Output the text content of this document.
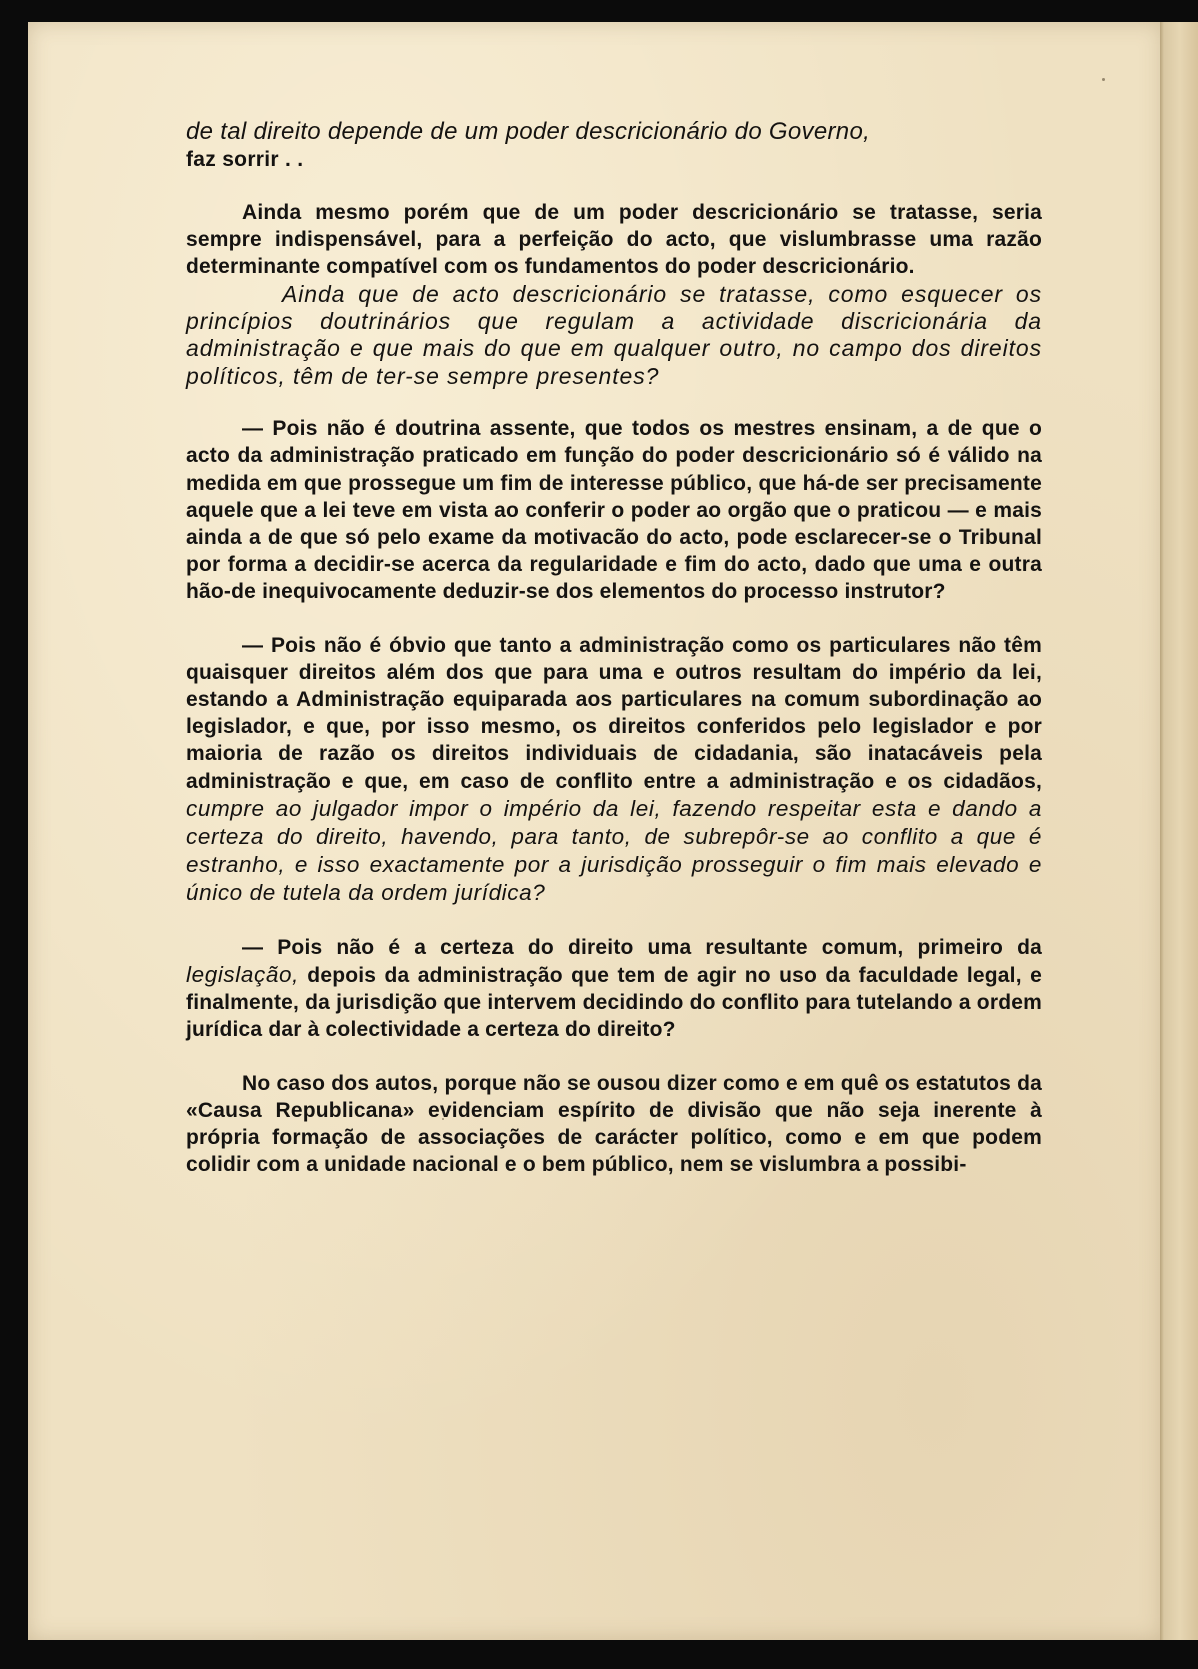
de tal direito depende de um poder descricionário do Governo,
faz sorrir . .

Ainda mesmo porém que de um poder descricionário se tratasse, seria sempre indispensável, para a perfeição do acto, que vislumbrasse uma razão determinante compatível com os fundamentos do poder descricionário.

Ainda que de acto descricionário se tratasse, como esquecer os princípios doutrinários que regulam a actividade discricionária da administração e que mais do que em qualquer outro, no campo dos direitos políticos, têm de ter-se sempre presentes?

— Pois não é doutrina assente, que todos os mestres ensinam, a de que o acto da administração praticado em função do poder descricionário só é válido na medida em que prossegue um fim de interesse público, que há-de ser precisamente aquele que a lei teve em vista ao conferir o poder ao orgão que o praticou — e mais ainda a de que só pelo exame da motivacão do acto, pode esclarecer-se o Tribunal por forma a decidir-se acerca da regularidade e fim do acto, dado que uma e outra hão-de inequivocamente deduzir-se dos elementos do processo instrutor?

— Pois não é óbvio que tanto a administração como os particulares não têm quaisquer direitos além dos que para uma e outros resultam do império da lei, estando a Administração equiparada aos particulares na comum subordinação ao legislador, e que, por isso mesmo, os direitos conferidos pelo legislador e por maioria de razão os direitos individuais de cidadania, são inatacáveis pela administração e que, em caso de conflito entre a administração e os cidadãos, cumpre ao julgador impor o império da lei, fazendo respeitar esta e dando a certeza do direito, havendo, para tanto, de subrepôr-se ao conflito a que é estranho, e isso exactamente por a jurisdição prosseguir o fim mais elevado e único de tutela da ordem jurídica?

— Pois não é a certeza do direito uma resultante comum, primeiro da legislação, depois da administração que tem de agir no uso da faculdade legal, e finalmente, da jurisdição que intervem decidindo do conflito para tutelando a ordem jurídica dar à colectividade a certeza do direito?

No caso dos autos, porque não se ousou dizer como e em quê os estatutos da «Causa Republicana» evidenciam espírito de divisão que não seja inerente à própria formação de associações de carácter político, como e em que podem colidir com a unidade nacional e o bem público, nem se vislumbra a possibi-
